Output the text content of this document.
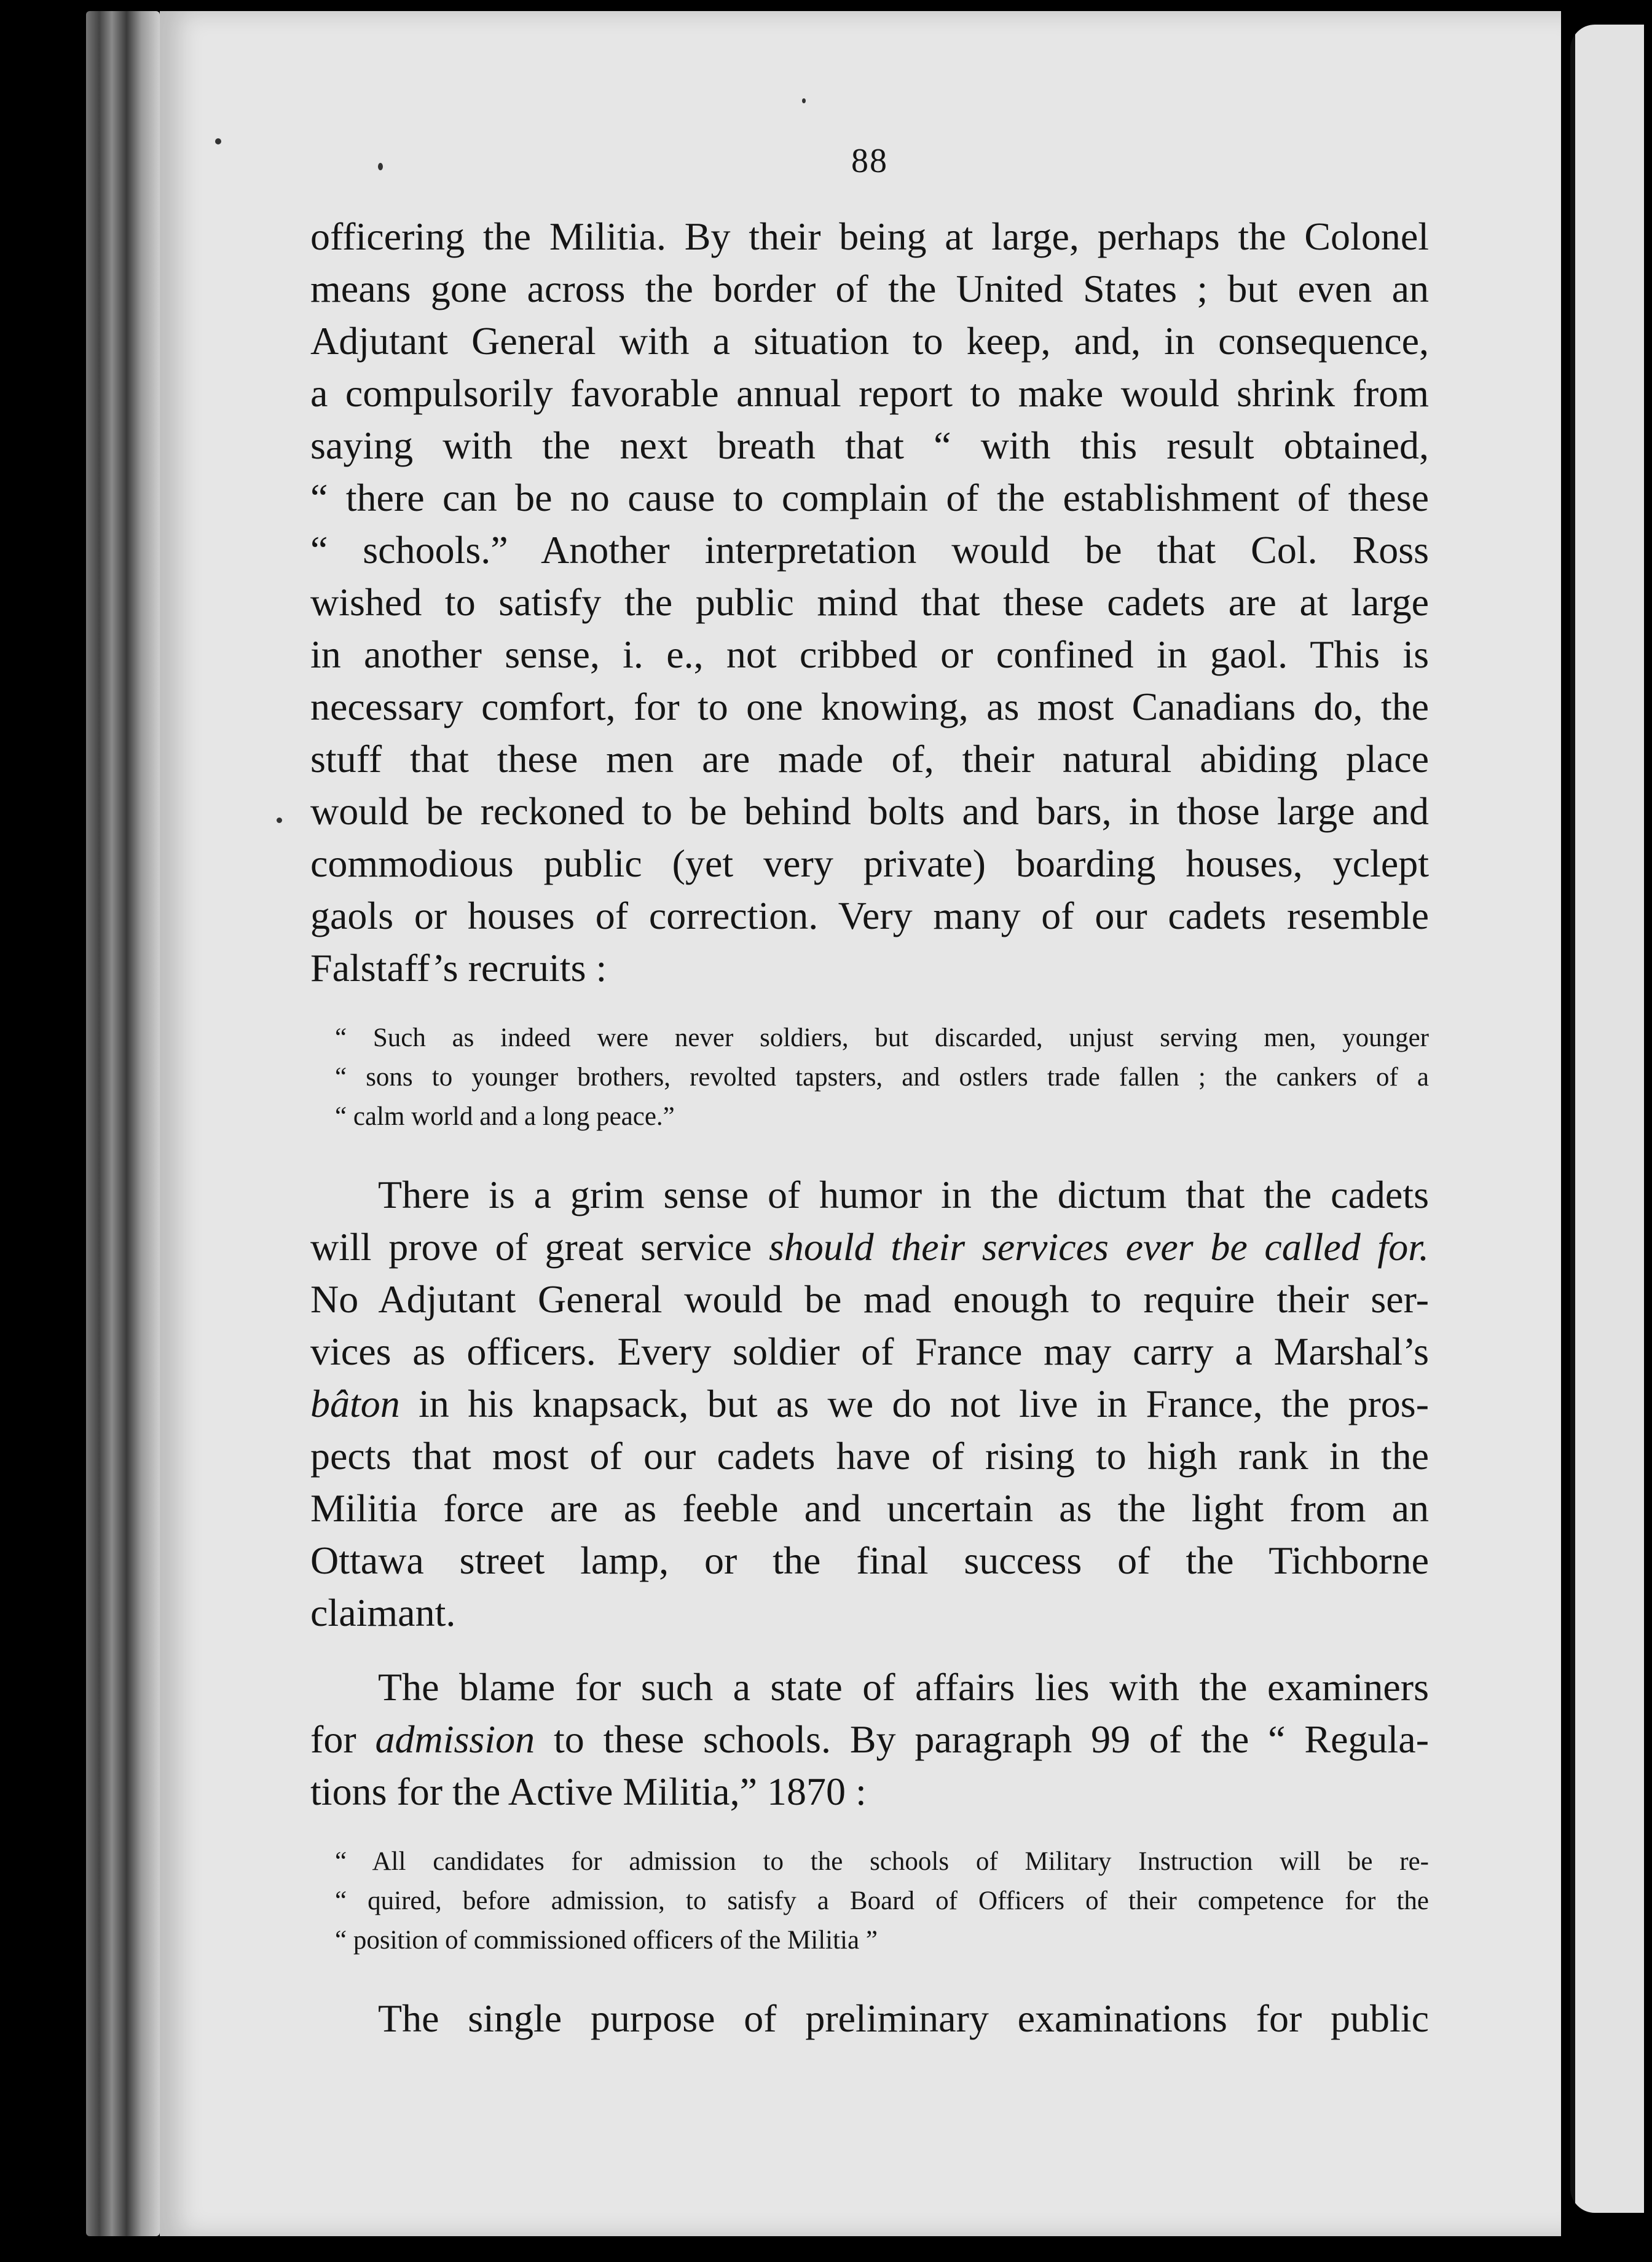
88
officering the Militia. By their being at large, perhaps the Colonel
means gone across the border of the United States ; but even an
Adjutant General with a situation to keep, and, in consequence,
a compulsorily favorable annual report to make would shrink from
saying with the next breath that “ with this result obtained,
“ there can be no cause to complain of the establishment of these
“ schools.” Another interpretation would be that Col. Ross
wished to satisfy the public mind that these cadets are at large
in another sense, i. e., not cribbed or confined in gaol. This is
necessary comfort, for to one knowing, as most Canadians do, the
stuff that these men are made of, their natural abiding place
would be reckoned to be behind bolts and bars, in those large and
commodious public (yet very private) boarding houses, yclept
gaols or houses of correction. Very many of our cadets resemble
Falstaff’s recruits :
“ Such as indeed were never soldiers, but discarded, unjust serving men, younger
“ sons to younger brothers, revolted tapsters, and ostlers trade fallen ; the cankers of a
“ calm world and a long peace.”
There is a grim sense of humor in the dictum that the cadets
will prove of great service should their services ever be called for.
No Adjutant General would be mad enough to require their ser-
vices as officers. Every soldier of France may carry a Marshal’s
bâton in his knapsack, but as we do not live in France, the pros-
pects that most of our cadets have of rising to high rank in the
Militia force are as feeble and uncertain as the light from an
Ottawa street lamp, or the final success of the Tichborne
claimant.
The blame for such a state of affairs lies with the examiners
for admission to these schools. By paragraph 99 of the “ Regula-
tions for the Active Militia,” 1870 :
“ All candidates for admission to the schools of Military Instruction will be re-
“ quired, before admission, to satisfy a Board of Officers of their competence for the
“ position of commissioned officers of the Militia ”
The single purpose of preliminary examinations for public
